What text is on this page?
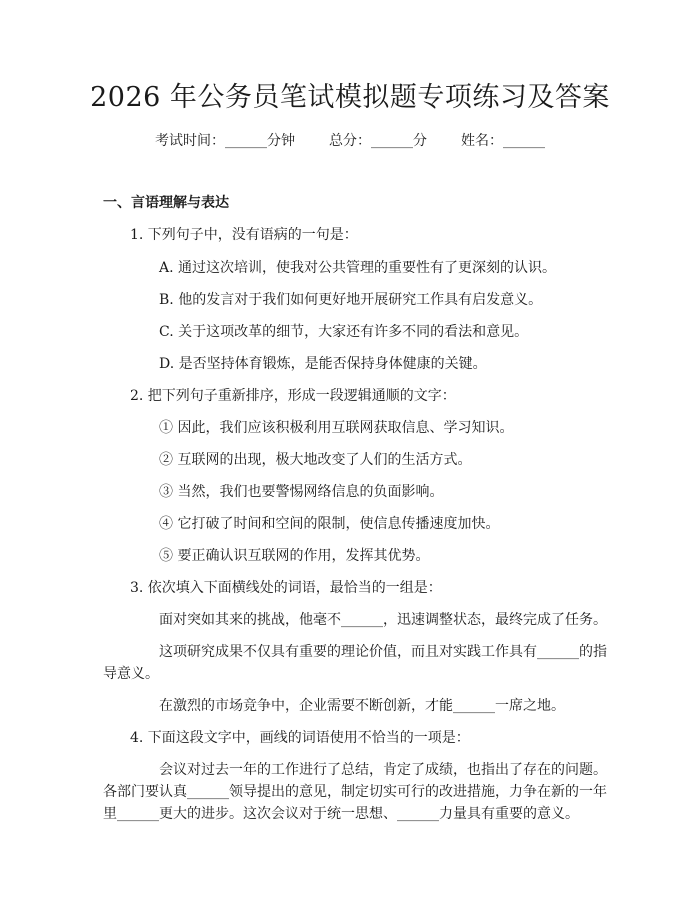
2026 年公务员笔试模拟题专项练习及答案
考试时间：______分钟 总分：______分 姓名：______
一、言语理解与表达
1. 下列句子中，没有语病的一句是：
A. 通过这次培训，使我对公共管理的重要性有了更深刻的认识。
B. 他的发言对于我们如何更好地开展研究工作具有启发意义。
C. 关于这项改革的细节，大家还有许多不同的看法和意见。
D. 是否坚持体育锻炼，是能否保持身体健康的关键。
2. 把下列句子重新排序，形成一段逻辑通顺的文字：
① 因此，我们应该积极利用互联网获取信息、学习知识。
② 互联网的出现，极大地改变了人们的生活方式。
③ 当然，我们也要警惕网络信息的负面影响。
④ 它打破了时间和空间的限制，使信息传播速度加快。
⑤ 要正确认识互联网的作用，发挥其优势。
3. 依次填入下面横线处的词语，最恰当的一组是：
面对突如其来的挑战，他毫不______，迅速调整状态，最终完成了任务。
这项研究成果不仅具有重要的理论价值，而且对实践工作具有______的指
导意义。
在激烈的市场竞争中，企业需要不断创新，才能______一席之地。
4. 下面这段文字中，画线的词语使用不恰当的一项是：
会议对过去一年的工作进行了总结，肯定了成绩，也指出了存在的问题。
各部门要认真______领导提出的意见，制定切实可行的改进措施，力争在新的一年
里______更大的进步。这次会议对于统一思想、______力量具有重要的意义。
